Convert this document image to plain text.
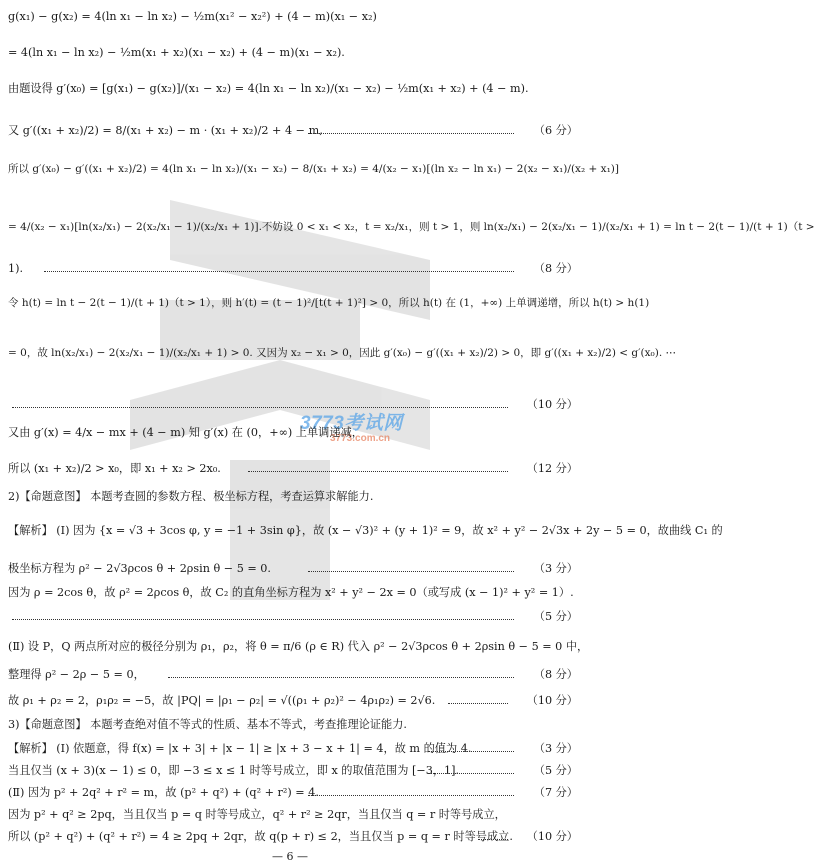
3773考试网
3773.com.cn
g(x₁) − g(x₂) = 4(ln x₁ − ln x₂) − ½m(x₁² − x₂²) + (4 − m)(x₁ − x₂)
= 4(ln x₁ − ln x₂) − ½m(x₁ + x₂)(x₁ − x₂) + (4 − m)(x₁ − x₂).
由题设得 g′(x₀) = [g(x₁) − g(x₂)]/(x₁ − x₂) = 4(ln x₁ − ln x₂)/(x₁ − x₂) − ½m(x₁ + x₂) + (4 − m).
又 g′((x₁ + x₂)/2) = 8/(x₁ + x₂) − m · (x₁ + x₂)/2 + 4 − m,	（6 分）
所以 g′(x₀) − g′((x₁ + x₂)/2) = 4(ln x₁ − ln x₂)/(x₁ − x₂) − 8/(x₁ + x₂) = 4/(x₂ − x₁)[(ln x₂ − ln x₁) − 2(x₂ − x₁)/(x₂ + x₁)]
= 4/(x₂ − x₁)[ln(x₂/x₁) − 2(x₂/x₁ − 1)/(x₂/x₁ + 1)].不妨设 0 < x₁ < x₂，t = x₂/x₁，则 t > 1，则 ln(x₂/x₁) − 2(x₂/x₁ − 1)/(x₂/x₁ + 1) = ln t − 2(t − 1)/(t + 1)（t >
1).	（8 分）
令 h(t) = ln t − 2(t − 1)/(t + 1)（t > 1），则 h′(t) = (t − 1)²/[t(t + 1)²] > 0，所以 h(t) 在 (1，+∞) 上单调递增，所以 h(t) > h(1)
= 0，故 ln(x₂/x₁) − 2(x₂/x₁ − 1)/(x₂/x₁ + 1) > 0. 又因为 x₂ − x₁ > 0，因此 g′(x₀) − g′((x₁ + x₂)/2) > 0，即 g′((x₁ + x₂)/2) < g′(x₀). ⋯
（10 分）
又由 g′(x) = 4/x − mx + (4 − m) 知 g′(x) 在 (0，+∞) 上单调递减，
所以 (x₁ + x₂)/2 > x₀，即 x₁ + x₂ > 2x₀.	（12 分）
2)【命题意图】 本题考查圆的参数方程、极坐标方程，考查运算求解能力.
【解析】 (Ⅰ) 因为 {x = √3 + 3cos φ, y = −1 + 3sin φ}，故 (x − √3)² + (y + 1)² = 9，故 x² + y² − 2√3x + 2y − 5 = 0，故曲线 C₁ 的
极坐标方程为 ρ² − 2√3ρcos θ + 2ρsin θ − 5 = 0.	（3 分）
因为 ρ = 2cos θ，故 ρ² = 2ρcos θ，故 C₂ 的直角坐标方程为 x² + y² − 2x = 0（或写成 (x − 1)² + y² = 1）.
（5 分）
(Ⅱ) 设 P，Q 两点所对应的极径分别为 ρ₁，ρ₂，将 θ = π/6 (ρ ∈ R) 代入 ρ² − 2√3ρcos θ + 2ρsin θ − 5 = 0 中，
整理得 ρ² − 2ρ − 5 = 0，	（8 分）
故 ρ₁ + ρ₂ = 2，ρ₁ρ₂ = −5，故 |PQ| = |ρ₁ − ρ₂| = √((ρ₁ + ρ₂)² − 4ρ₁ρ₂) = 2√6.	（10 分）
3)【命题意图】 本题考查绝对值不等式的性质、基本不等式，考查推理论证能力.
【解析】 (Ⅰ) 依题意，得 f(x) = |x + 3| + |x − 1| ≥ |x + 3 − x + 1| = 4，故 m 的值为 4.	（3 分）
当且仅当 (x + 3)(x − 1) ≤ 0，即 −3 ≤ x ≤ 1 时等号成立，即 x 的取值范围为 [−3，1].	（5 分）
(Ⅱ) 因为 p² + 2q² + r² = m，故 (p² + q²) + (q² + r²) = 4.	（7 分）
因为 p² + q² ≥ 2pq，当且仅当 p = q 时等号成立，q² + r² ≥ 2qr，当且仅当 q = r 时等号成立，
所以 (p² + q²) + (q² + r²) = 4 ≥ 2pq + 2qr，故 q(p + r) ≤ 2，当且仅当 p = q = r 时等号成立.	（10 分）
— 6 —
